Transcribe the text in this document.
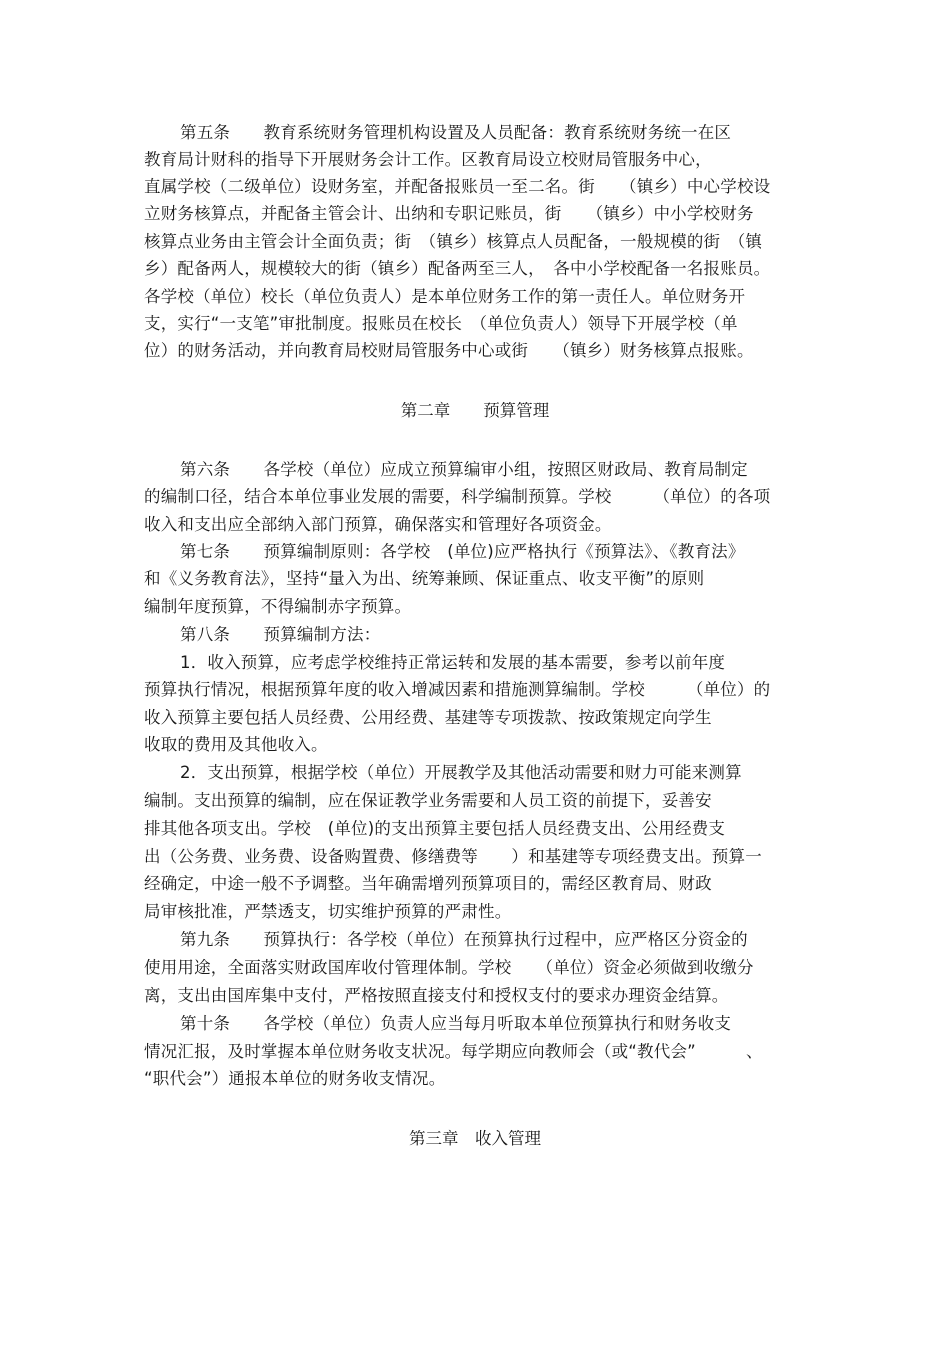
第五条　　教育系统财务管理机构设置及人员配备：教育系统财务统一在区
教育局计财科的指导下开展财务会计工作。区教育局设立校财局管服务中心，
直属学校（二级单位）设财务室，并配备报账员一至二名。街　　（镇乡）中心学校设
立财务核算点，并配备主管会计、出纳和专职记账员，街　　（镇乡）中小学校财务
核算点业务由主管会计全面负责；街　（镇乡）核算点人员配备，一般规模的街　（镇
乡）配备两人，规模较大的街（镇乡）配备两至三人，　各中小学校配备一名报账员。
各学校（单位）校长（单位负责人）是本单位财务工作的第一责任人。单位财务开
支，实行“一支笔”审批制度。报账员在校长　（单位负责人）领导下开展学校（单
位）的财务活动，并向教育局校财局管服务中心或街　　（镇乡）财务核算点报账。
第二章　　预算管理
第六条　　各学校（单位）应成立预算编审小组，按照区财政局、教育局制定
的编制口径，结合本单位事业发展的需要，科学编制预算。学校　　　（单位）的各项
收入和支出应全部纳入部门预算，确保落实和管理好各项资金。
第七条　　预算编制原则：各学校　(单位)应严格执行《预算法》、《教育法》
和《义务教育法》，坚持“量入为出、统筹兼顾、保证重点、收支平衡”的原则
编制年度预算，不得编制赤字预算。
第八条　　预算编制方法：
1．收入预算，应考虑学校维持正常运转和发展的基本需要，参考以前年度
预算执行情况，根据预算年度的收入增减因素和措施测算编制。学校　　　（单位）的
收入预算主要包括人员经费、公用经费、基建等专项拨款、按政策规定向学生
收取的费用及其他收入。
2．支出预算，根据学校（单位）开展教学及其他活动需要和财力可能来测算
编制。支出预算的编制，应在保证教学业务需要和人员工资的前提下，妥善安
排其他各项支出。学校　(单位)的支出预算主要包括人员经费支出、公用经费支
出（公务费、业务费、设备购置费、修缮费等　　）和基建等专项经费支出。预算一
经确定，中途一般不予调整。当年确需增列预算项目的，需经区教育局、财政
局审核批准，严禁透支，切实维护预算的严肃性。
第九条　　预算执行：各学校（单位）在预算执行过程中，应严格区分资金的
使用用途，全面落实财政国库收付管理体制。学校　　（单位）资金必须做到收缴分
离，支出由国库集中支付，严格按照直接支付和授权支付的要求办理资金结算。
第十条　　各学校（单位）负责人应当每月听取本单位预算执行和财务收支
情况汇报，及时掌握本单位财务收支状况。每学期应向教师会（或“教代会”　　　、
“职代会”）通报本单位的财务收支情况。
第三章　收入管理
